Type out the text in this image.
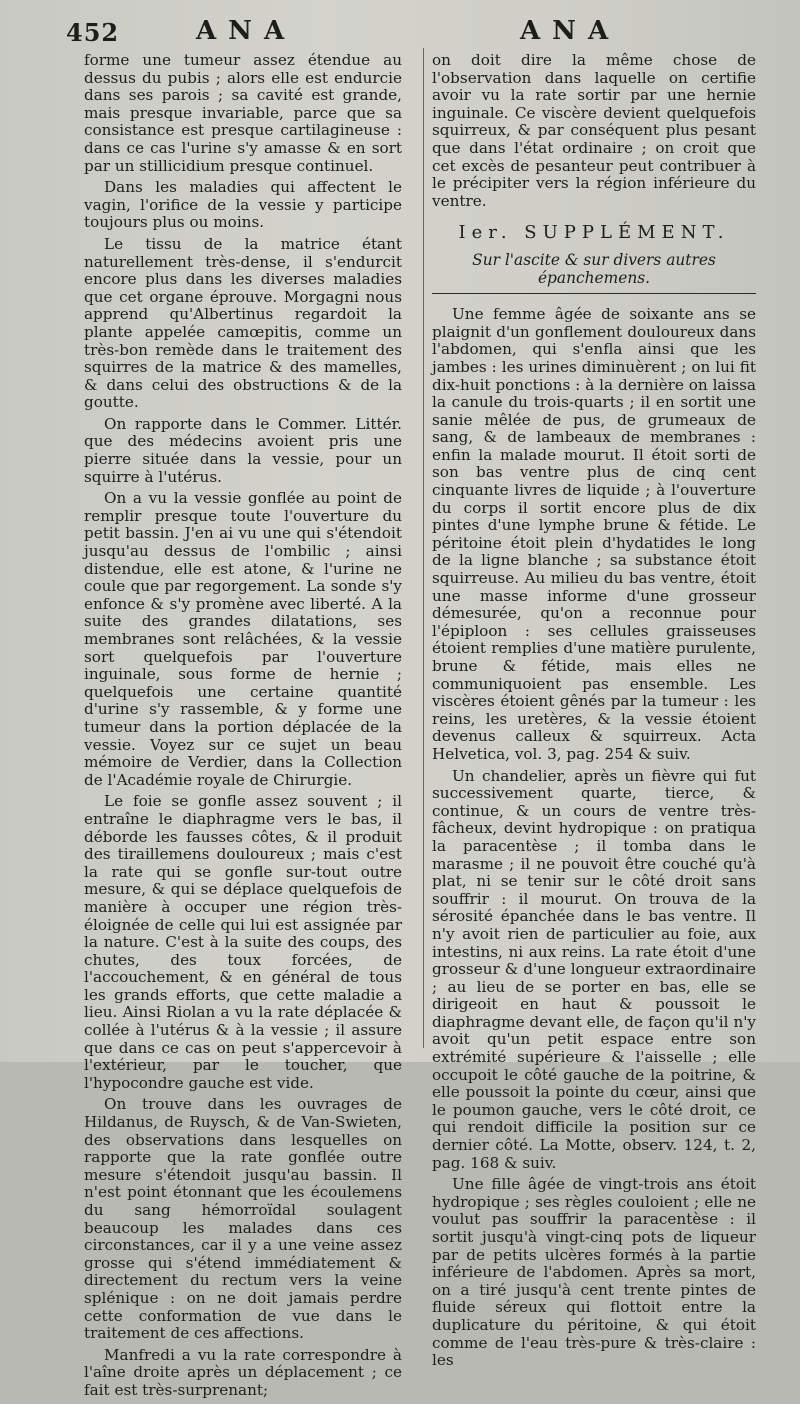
452	ANA	ANA

forme une tumeur assez étendue au dessus du pubis ; alors elle est endurcie dans ses parois ; sa cavité est grande, mais presque invariable, parce que sa consistance est presque cartilagineuse : dans ce cas l'urine s'y amasse & en sort par un stillicidium presque continuel.

Dans les maladies qui affectent le vagin, l'orifice de la vessie y participe toujours plus ou moins.

Le tissu de la matrice étant naturellement très-dense, il s'endurcit encore plus dans les diverses maladies que cet organe éprouve. Morgagni nous apprend qu'Albertinus regardoit la plante appelée camœpitis, comme un très-bon remède dans le traitement des squirres de la matrice & des mamelles, & dans celui des obstructions & de la goutte.

On rapporte dans le Commer. Littér. que des médecins avoient pris une pierre située dans la vessie, pour un squirre à l'utérus.

On a vu la vessie gonflée au point de remplir presque toute l'ouverture du petit bassin. J'en ai vu une qui s'étendoit jusqu'au dessus de l'ombilic ; ainsi distendue, elle est atone, & l'urine ne coule que par regorgement. La sonde s'y enfonce & s'y promène avec liberté. A la suite des grandes dilatations, ses membranes sont relâchées, & la vessie sort quelquefois par l'ouverture inguinale, sous forme de hernie ; quelquefois une certaine quantité d'urine s'y rassemble, & y forme une tumeur dans la portion déplacée de la vessie. Voyez sur ce sujet un beau mémoire de Verdier, dans la Collection de l'Académie royale de Chirurgie.

Le foie se gonfle assez souvent ; il entraîne le diaphragme vers le bas, il déborde les fausses côtes, & il produit des tiraillemens douloureux ; mais c'est la rate qui se gonfle sur-tout outre mesure, & qui se déplace quelquefois de manière à occuper une région très-éloignée de celle qui lui est assignée par la nature. C'est à la suite des coups, des chutes, des toux forcées, de l'accouchement, & en général de tous les grands efforts, que cette maladie a lieu. Ainsi Riolan a vu la rate déplacée & collée à l'utérus & à la vessie ; il assure que dans ce cas on peut s'appercevoir à l'extérieur, par le toucher, que l'hypocondre gauche est vide.

On trouve dans les ouvrages de Hildanus, de Ruysch, & de Van-Swieten, des observations dans lesquelles on rapporte que la rate gonflée outre mesure s'étendoit jusqu'au bassin. Il n'est point étonnant que les écoulemens du sang hémorroïdal soulagent beaucoup les malades dans ces circonstances, car il y a une veine assez grosse qui s'étend immédiatement & directement du rectum vers la veine splénique : on ne doit jamais perdre cette conformation de vue dans le traitement de ces affections.

Manfredi a vu la rate correspondre à l'aîne droite après un déplacement ; ce fait est très-surprenant;

on doit dire la même chose de l'observation dans laquelle on certifie avoir vu la rate sortir par une hernie inguinale. Ce viscère devient quelquefois squirreux, & par conséquent plus pesant que dans l'état ordinaire ; on croit que cet excès de pesanteur peut contribuer à le précipiter vers la région inférieure du ventre.

Ier. SUPPLÉMENT.
Sur l'ascite & sur divers autres épanchemens.

Une femme âgée de soixante ans se plaignit d'un gonflement douloureux dans l'abdomen, qui s'enfla ainsi que les jambes : les urines diminuèrent ; on lui fit dix-huit ponctions : à la dernière on laissa la canule du trois-quarts ; il en sortit une sanie mêlée de pus, de grumeaux de sang, & de lambeaux de membranes : enfin la malade mourut. Il étoit sorti de son bas ventre plus de cinq cent cinquante livres de liquide ; à l'ouverture du corps il sortit encore plus de dix pintes d'une lymphe brune & fétide. Le péritoine étoit plein d'hydatides le long de la ligne blanche ; sa substance étoit squirreuse. Au milieu du bas ventre, étoit une masse informe d'une grosseur démesurée, qu'on a reconnue pour l'épiploon : ses cellules graisseuses étoient remplies d'une matière purulente, brune & fétide, mais elles ne communiquoient pas ensemble. Les viscères étoient gênés par la tumeur : les reins, les uretères, & la vessie étoient devenus calleux & squirreux. Acta Helvetica, vol. 3, pag. 254 & suiv.

Un chandelier, après un fièvre qui fut successivement quarte, tierce, & continue, & un cours de ventre très-fâcheux, devint hydropique : on pratiqua la paracentèse ; il tomba dans le marasme ; il ne pouvoit être couché qu'à plat, ni se tenir sur le côté droit sans souffrir : il mourut. On trouva de la sérosité épanchée dans le bas ventre. Il n'y avoit rien de particulier au foie, aux intestins, ni aux reins. La rate étoit d'une grosseur & d'une longueur extraordinaire ; au lieu de se porter en bas, elle se dirigeoit en haut & poussoit le diaphragme devant elle, de façon qu'il n'y avoit qu'un petit espace entre son extrémité supérieure & l'aisselle ; elle occupoit le côté gauche de la poitrine, & elle poussoit la pointe du cœur, ainsi que le poumon gauche, vers le côté droit, ce qui rendoit difficile la position sur ce dernier côté. La Motte, observ. 124, t. 2, pag. 168 & suiv.

Une fille âgée de vingt-trois ans étoit hydropique ; ses règles couloient ; elle ne voulut pas souffrir la paracentèse : il sortit jusqu'à vingt-cinq pots de liqueur par de petits ulcères formés à la partie inférieure de l'abdomen. Après sa mort, on a tiré jusqu'à cent trente pintes de fluide séreux qui flottoit entre la duplicature du péritoine, & qui étoit comme de l'eau très-pure & très-claire : les
